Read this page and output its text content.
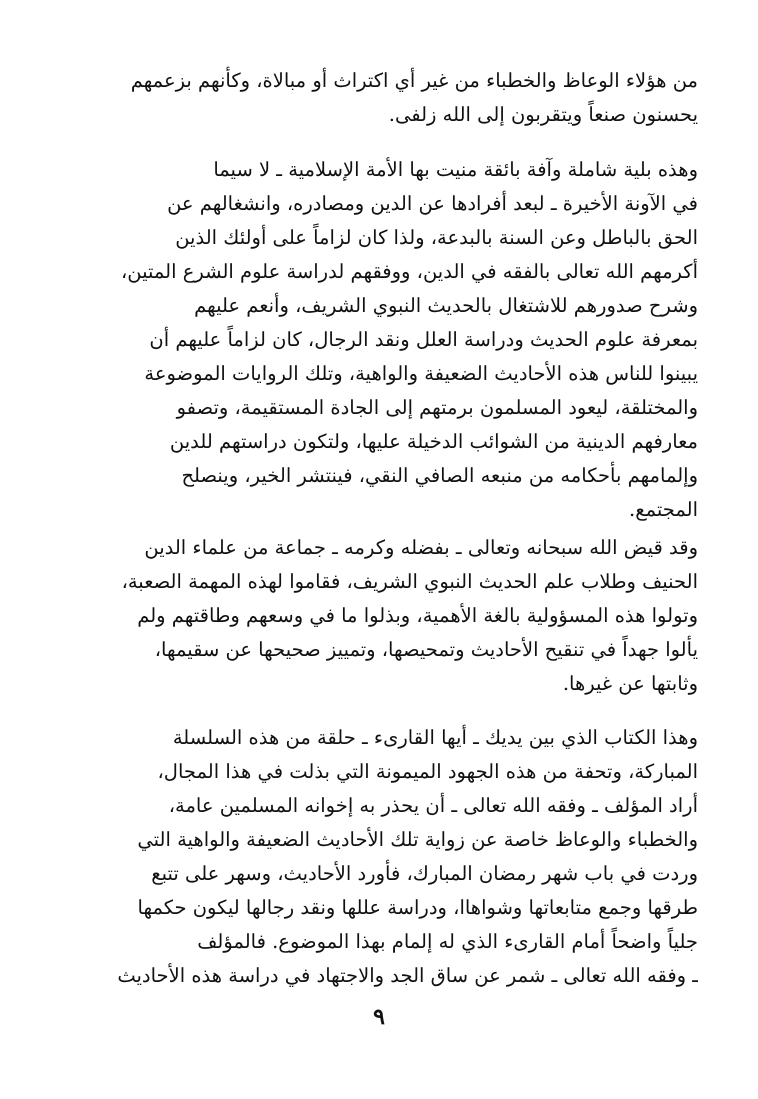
من هؤلاء الوعاظ والخطباء من غير أي اكتراث أو مبالاة، وكأنهم بزعمهم
يحسنون صنعاً ويتقربون إلى الله زلفى.
وهذه بلية شاملة وآفة بائقة منيت بها الأمة الإسلامية ـ لا سيما
في الآونة الأخيرة ـ لبعد أفرادها عن الدين ومصادره، وانشغالهم عن
الحق بالباطل وعن السنة بالبدعة، ولذا كان لزاماً على أولئك الذين
أكرمهم الله تعالى بالفقه في الدين، ووفقهم لدراسة علوم الشرع المتين،
وشرح صدورهم للاشتغال بالحديث النبوي الشريف، وأنعم عليهم
بمعرفة علوم الحديث ودراسة العلل ونقد الرجال، كان لزاماً عليهم أن
يبينوا للناس هذه الأحاديث الضعيفة والواهية، وتلك الروايات الموضوعة
والمختلقة، ليعود المسلمون برمتهم إلى الجادة المستقيمة، وتصفو
معارفهم الدينية من الشوائب الدخيلة عليها، ولتكون دراستهم للدين
وإلمامهم بأحكامه من منبعه الصافي النقي، فينتشر الخير، وينصلح
المجتمع.
وقد قيض الله سبحانه وتعالى ـ بفضله وكرمه ـ جماعة من علماء الدين
الحنيف وطلاب علم الحديث النبوي الشريف، فقاموا لهذه المهمة الصعبة،
وتولوا هذه المسؤولية بالغة الأهمية، وبذلوا ما في وسعهم وطاقتهم ولم
يألوا جهداً في تنقيح الأحاديث وتمحيصها، وتمييز صحيحها عن سقيمها،
وثابتها عن غيرها.
وهذا الكتاب الذي بين يديك ـ أيها القارىء ـ حلقة من هذه السلسلة
المباركة، وتحفة من هذه الجهود الميمونة التي بذلت في هذا المجال،
أراد المؤلف ـ وفقه الله تعالى ـ أن يحذر به إخوانه المسلمين عامة،
والخطباء والوعاظ خاصة عن زواية تلك الأحاديث الضعيفة والواهية التي
وردت في باب شهر رمضان المبارك، فأورد الأحاديث، وسهر على تتبع
طرقها وجمع متابعاتها وشواهاا، ودراسة عللها ونقد رجالها ليكون حكمها
جلياً واضحاً أمام القارىء الذي له إلمام بهذا الموضوع. فالمؤلف
ـ وفقه الله تعالى ـ شمر عن ساق الجد والاجتهاد في دراسة هذه الأحاديث
٩
